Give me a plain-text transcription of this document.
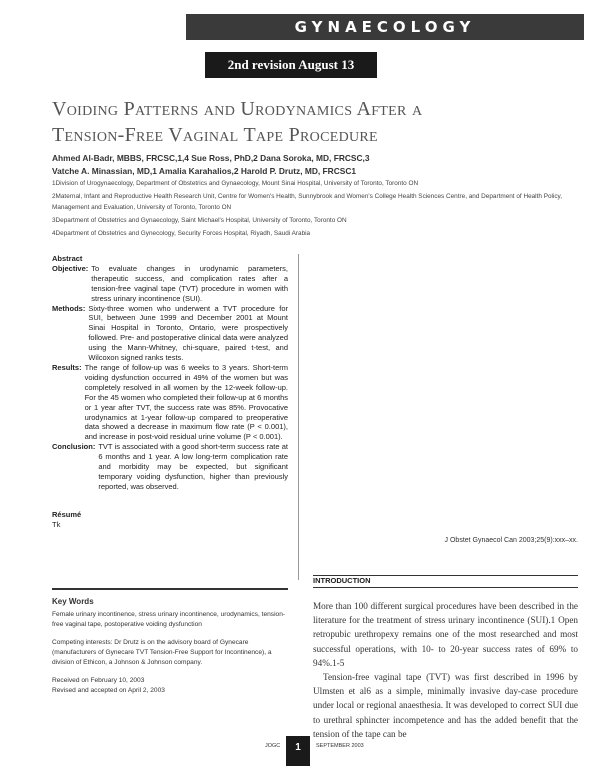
GYNAECOLOGY
2nd revision August 13
Voiding Patterns and Urodynamics After a
Tension-Free Vaginal Tape Procedure
Ahmed Al-Badr, MBBS, FRCSC,1,4 Sue Ross, PhD,2 Dana Soroka, MD, FRCSC,3
Vatche A. Minassian, MD,1 Amalia Karahalios,2 Harold P. Drutz, MD, FRCSC1

1Division of Urogynaecology, Department of Obstetrics and Gynaecology, Mount Sinai Hospital, University of Toronto, Toronto ON

2Maternal, Infant and Reproductive Health Research Unit, Centre for Women's Health, Sunnybrook and Women's College Health Sciences Centre, and Department of Health Policy, Management and Evaluation, University of Toronto, Toronto ON

3Department of Obstetrics and Gynaecology, Saint Michael's Hospital, University of Toronto, Toronto ON

4Department of Obstetrics and Gynecology, Security Forces Hospital, Riyadh, Saudi Arabia

Abstract
Objective: To evaluate changes in urodynamic parameters, therapeutic success, and complication rates after a tension-free vaginal tape (TVT) procedure in women with stress urinary incontinence (SUI).
Methods: Sixty-three women who underwent a TVT procedure for SUI, between June 1999 and December 2001 at Mount Sinai Hospital in Toronto, Ontario, were prospectively followed. Pre- and postoperative clinical data were analyzed using the Mann-Whitney, chi-square, paired t-test, and Wilcoxon signed ranks tests.
Results: The range of follow-up was 6 weeks to 3 years. Short-term voiding dysfunction occurred in 49% of the women but was completely resolved in all women by the 12-week follow-up. For the 45 women who completed their follow-up at 6 months or 1 year after TVT, the success rate was 85%. Provocative urodynamics at 1-year follow-up compared to preoperative data showed a decrease in maximum flow rate (P < 0.001), and increase in post-void residual urine volume (P < 0.001).
Conclusion: TVT is associated with a good short-term success rate at 6 months and 1 year. A low long-term complication rate and morbidity may be expected, but significant temporary voiding dysfunction, higher than previously reported, was observed.
Résumé
Tk
J Obstet Gynaecol Can 2003;25(9):xxx–xx.
INTRODUCTION

More than 100 different surgical procedures have been described in the literature for the treatment of stress urinary incontinence (SUI).1 Open retropubic urethropexy remains one of the most researched and most successful operations, with 10- to 20-year success rates of 69% to 94%.1-5

Tension-free vaginal tape (TVT) was first described in 1996 by Ulmsten et al6 as a simple, minimally invasive day-case procedure under local or regional anaesthesia. It was developed to correct SUI due to urethral sphincter incompetence and has the added benefit that the tension of the tape can be

Key Words
Female urinary incontinence, stress urinary incontinence, urodynamics, tension-free vaginal tape, postoperative voiding dysfunction
Competing interests: Dr Drutz is on the advisory board of Gynecare (manufacturers of Gynecare TVT Tension-Free Support for Incontinence), a division of Ethicon, a Johnson & Johnson company.
Received on February 10, 2003
Revised and accepted on April 2, 2003
JOGC	1	SEPTEMBER 2003
